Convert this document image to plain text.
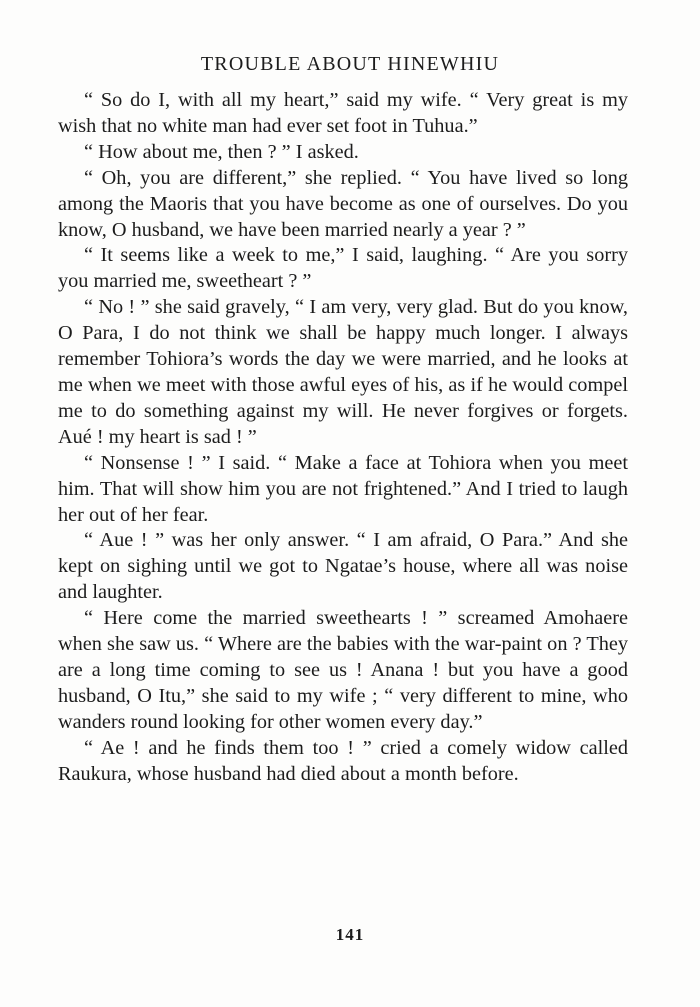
TROUBLE ABOUT HINEWHIU

“ So do I, with all my heart,” said my wife. “ Very great is my wish that no white man had ever set foot in Tuhua.”

“ How about me, then ? ” I asked.

“ Oh, you are different,” she replied. “ You have lived so long among the Maoris that you have become as one of ourselves. Do you know, O husband, we have been married nearly a year ? ”

“ It seems like a week to me,” I said, laughing. “ Are you sorry you married me, sweetheart ? ”

“ No ! ” she said gravely, “ I am very, very glad. But do you know, O Para, I do not think we shall be happy much longer. I always remember Tohiora’s words the day we were married, and he looks at me when we meet with those awful eyes of his, as if he would compel me to do something against my will. He never forgives or forgets. Aué ! my heart is sad ! ”

“ Nonsense ! ” I said. “ Make a face at Tohiora when you meet him. That will show him you are not frightened.” And I tried to laugh her out of her fear.

“ Aue ! ” was her only answer. “ I am afraid, O Para.” And she kept on sighing until we got to Ngatae’s house, where all was noise and laughter.

“ Here come the married sweethearts ! ” screamed Amohaere when she saw us. “ Where are the babies with the war-paint on ? They are a long time coming to see us ! Anana ! but you have a good husband, O Itu,” she said to my wife ; “ very different to mine, who wanders round looking for other women every day.”

“ Ae ! and he finds them too ! ” cried a comely widow called Raukura, whose husband had died about a month before.

141
